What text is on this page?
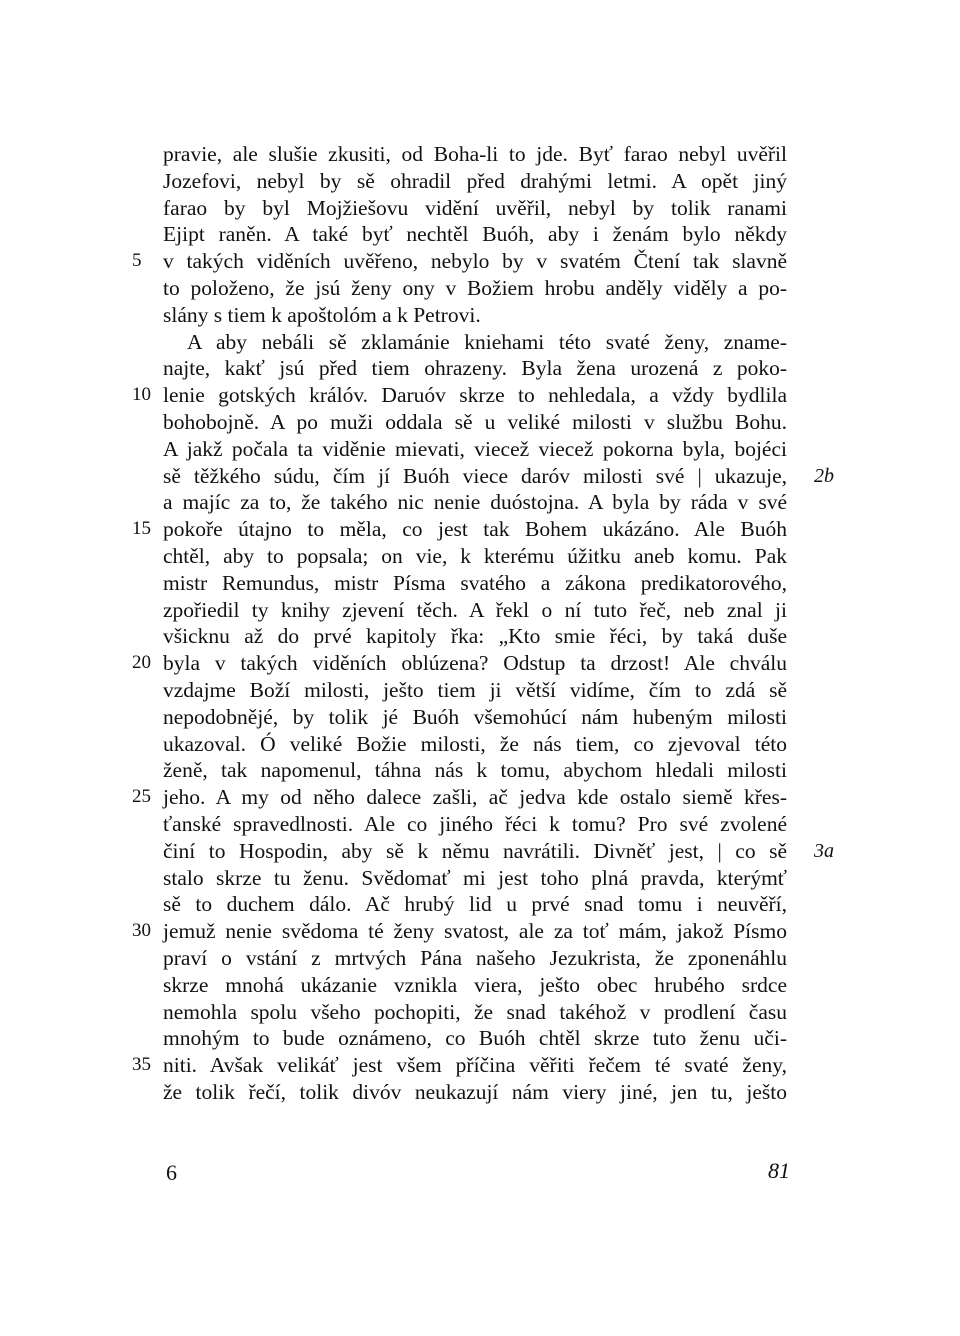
pravie, ale slušie zkusiti, od Boha-li to jde. Byť farao nebyl uvěřil
Jozefovi, nebyl by sě ohradil před drahými letmi. A opět jiný
farao by byl Mojžiešovu vidění uvěřil, nebyl by tolik ranami
Ejipt raněn. A také byť nechtěl Buóh, aby i ženám bylo někdy
v takých viděních uvěřeno, nebylo by v svatém Čtení tak slavně
5
to položeno, že jsú ženy ony v Božiem hrobu anděly viděly a po-
slány s tiem k apoštolóm a k Petrovi.
A aby nebáli sě zklamánie kniehami této svaté ženy, zname-
najte, kakť jsú před tiem ohrazeny. Byla žena urozená z poko-
lenie gotských králóv. Daruóv skrze to nehledala, a vždy bydlila
10
bohobojně. A po muži oddala sě u veliké milosti v službu Bohu.
A jakž počala ta viděnie mievati, viecež viecež pokorna byla, bojéci
sě těžkého súdu, čím jí Buóh viece daróv milosti své | ukazuje, 2b
a majíc za to, že takého nic nenie duóstojna. A byla by ráda v své
pokoře útajno to měla, co jest tak Bohem ukázáno. Ale Buóh
15
chtěl, aby to popsala; on vie, k kterému úžitku aneb komu. Pak
mistr Remundus, mistr Písma svatého a zákona predikatorového,
zpořiedil ty knihy zjevení těch. A řekl o ní tuto řeč, neb znal ji
všicknu až do prvé kapitoly řka: „Kto smie řéci, by taká duše
byla v takých viděních oblúzena? Odstup ta drzost! Ale chválu
20
vzdajme Boží milosti, ješto tiem ji větší vidíme, čím to zdá sě
nepodobnějé, by tolik jé Buóh všemohúcí nám hubeným milosti
ukazoval. Ó veliké Božie milosti, že nás tiem, co zjevoval této
ženě, tak napomenul, táhna nás k tomu, abychom hledali milosti
jeho. A my od něho dalece zašli, ač jedva kde ostalo siemě křes-
25
ťanské spravedlnosti. Ale co jiného řéci k tomu? Pro své zvolené
činí to Hospodin, aby sě k němu navrátili. Divněť jest, | co sě 3a
stalo skrze tu ženu. Svědomať mi jest toho plná pravda, kterýmť
sě to duchem dálo. Ač hrubý lid u prvé snad tomu i neuvěří,
jemuž nenie svědoma té ženy svatost, ale za toť mám, jakož Písmo
30
praví o vstání z mrtvých Pána našeho Jezukrista, že zponenáhlu
skrze mnohá ukázanie vznikla viera, ješto obec hrubého srdce
nemohla spolu všeho pochopiti, že snad takéhož v prodlení času
mnohým to bude oznámeno, co Buóh chtěl skrze tuto ženu uči-
niti. Avšak velikáť jest všem příčina věřiti řečem té svaté ženy,
35
že tolik řečí, tolik divóv neukazují nám viery jiné, jen tu, ješto
6	81
